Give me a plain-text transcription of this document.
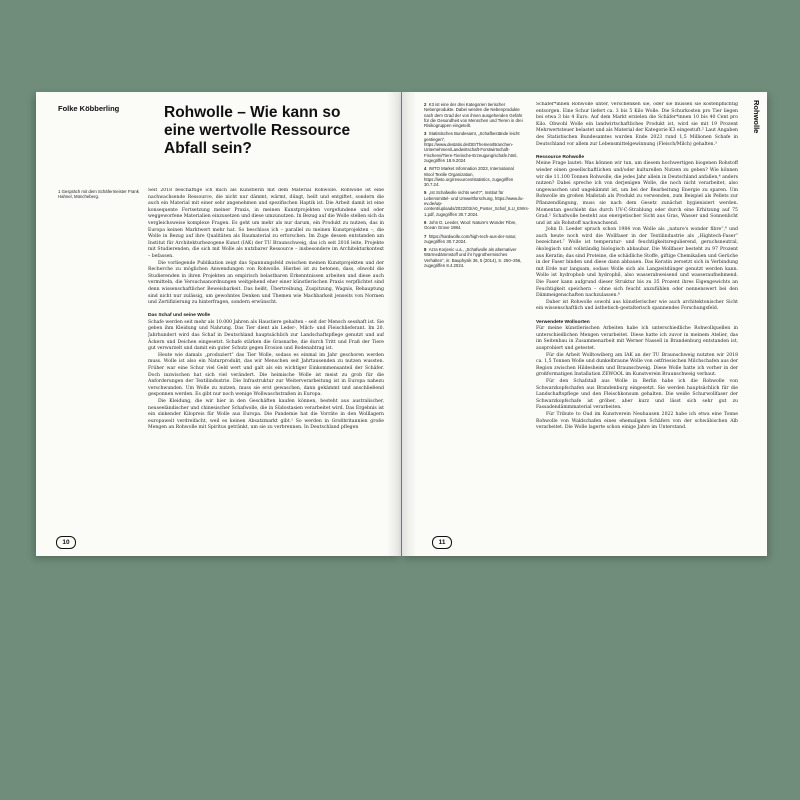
Folke Köbberling	Rohwolle – Wie kann so eine wertvolle Ressource Abfall sein?
1 Gespräch mit dem Schäfermeister Frank Hahnel, Müncheberg.

Seit 2018 beschäftige ich mich als Künstlerin mit dem Material Rohwolle. Rohwolle ist eine nachwachsende Ressource, die nicht nur dämmt, wärmt, düngt, heilt und entgiftet, sondern die auch ein Material mit einer sehr angenehmen und spezifischen Haptik ist. Die Arbeit damit ist eine konsequente Fortsetzung meiner Praxis, in meinen Kunstprojekten vorgefundene und oder weggeworfene Materialien einzusetzen und diese umzunutzen. In Bezug auf die Wolle stellen sich da vergleichsweise komplexe Fragen. Es geht um mehr als nur darum, ein Produkt zu nutzen, das in Europa keinen Marktwert mehr hat. So beschloss ich – parallel zu meinen Kunstprojekten –, die Wolle in Bezug auf ihre Qualitäten als Baumaterial zu erforschen. Im Zuge dessen entstanden am Institut für Architekturbezogene Kunst (IAK) der TU Braunschweig, das ich seit 2016 leite, Projekte mit Studierenden, die sich mit Wolle als nutzbarer Ressource – insbesondere im Architekturkontext – befassen.

Die vorliegende Publikation zeigt das Spannungsfeld zwischen meinen Kunstprojekten und der Recherche zu möglichen Anwendungen von Rohwolle. Hierbei ist zu betonen, dass, obwohl die Studierenden in ihren Projekten an empirisch belastbaren Erkenntnissen arbeiten und diese auch vermitteln, die Versuchsanordnungen weitgehend eher einer künstlerischen Praxis verpflichtet sind denn wissenschaftlicher Beweisbarkeit. Das heißt, Übertreibung, Zuspitzung, Wagnis, Behauptung sind nicht nur zulässig, um gewohntes Denken und Themen wie Machbarkeit jenseits von Normen und Zertifizierung zu hinterfragen, sondern erwünscht.

Das Schaf und seine Wolle

Schafe werden seit mehr als 10.000 Jahren als Haustiere gehalten – seit der Mensch sesshaft ist. Sie geben ihm Kleidung und Nahrung. Das Tier dient als Leder-, Milch- und Fleischlieferant. Im 20. Jahrhundert wird das Schaf in Deutschland hauptsächlich zur Landschaftspflege genutzt und auf Äckern und Deichen eingesetzt. Schafe stärken die Grasnarbe, die durch Tritt und Fraß der Tiere gut verwurzelt und damit ein guter Schutz gegen Erosion und Bodenabtrag ist.

Heute wie damals „produziert“ das Tier Wolle, sodass es einmal im Jahr geschoren werden muss. Wolle ist also ein Naturprodukt, das wir Menschen seit Jahrtausenden zu nutzen wussten. Früher war eine Schur viel Geld wert und galt als ein wichtiger Einkommensanteil der Schäfer. Doch inzwischen hat sich viel verändert. Die heimische Wolle ist meist zu grob für die Anforderungen der Textilindustrie. Die Infrastruktur zur Weiterverarbeitung ist in Europa nahezu verschwunden. Um Wolle zu nutzen, muss sie erst gewaschen, dann gekämmt und anschließend gesponnen werden. Es gibt nur noch wenige Wollwaschstraßen in Europa.

Die Kleidung, die wir hier in den Geschäften kaufen können, besteht aus australischer, neuseeländischer und chinesischer Schafwolle, die in Südostasien verarbeitet wird. Das Ergebnis ist ein sinkender Kilopreis für Wolle aus Europa. Die Pandemie hat die Vorräte in den Wolllagern europaweit verdreifacht, weil es keinen Absatzmarkt gibt.¹ So werden in Großbritannien große Mengen an Rohwolle mit Spiritus getränkt, um sie zu verbrennen. In Deutschland pflegen

10
Rohwolle
2 K3 ist eine der drei Kategorien tierischer Nebenprodukte. Dabei werden die Nebenprodukte nach dem Grad der von ihnen ausgehenden Gefahr für die Gesundheit von Menschen und Tieren in drei Risikogruppen eingeteilt.
3 Statistisches Bundesamt, „Schafbestände leicht gestiegen“, https://www.destatis.de/DE/Themen/Branchen-Unternehmen/Landwirtschaft-Forstwirtschaft-Fischerei/Tiere-Tierische-Erzeugung/schafe.html, zugegriffen 18.9.2024
4 IWTO Market Information 2023, International Wool Textile Organization, https://iwto.org/resources/statistics, zugegriffen 30.7.24.
5 „Ist Schafwolle nichts wert?“, Institut für Lebensmittel- und Umweltforschung, https://www.ilu-ev.de/wp-content/uploads/2022/03/A0_Poster_Schaf_ILU_EWrs-1.pdf, zugegriffen 30.7.2024.
6 John D. Leeder, Wool: Nature's Wonder Fibre, Ocean Grove 1984.
7 https://hardwolle.com/high-tech-aus-der-natur, zugegriffen 30.7.2024.
8 Azra Korjenic u.a., „Schafwolle als alternativer Wärmedämmstoff und ihr hygrothermisches Verhalten“, in: Bauphysik 36, 5 (2014), S. 250–256, zugegriffen 8.4.2024.

Schäfer*innen Rohwolle unter, verschenken sie, oder sie müssen sie kostenpflichtig entsorgen. Eine Schur liefert ca. 3 bis 5 Kilo Wolle. Die Schurkosten pro Tier liegen bei etwa 3 bis 4 Euro. Auf dem Markt erzielen die Schäfer*innen 10 bis 40 Cent pro Kilo. Obwohl Wolle ein landwirtschaftliches Produkt ist, wird sie mit 19 Prozent Mehrwertsteuer belastet und als Material der Kategorie K3 eingestuft.² Laut Angaben des Statistischen Bundesamtes wurden Ende 2023 rund 1,5 Millionen Schafe in Deutschland vor allem zur Lebensmittelgewinnung (Fleisch/Milch) gehalten.³

Ressource Rohwolle

Meine Frage lautet: Was können wir tun, um diesem hochwertigen biogenen Rohstoff wieder einen gesellschaftlichen und/oder kulturellen Nutzen zu geben? Wie können wir die 11.100 Tonnen Rohwolle, die jedes Jahr allein in Deutschland anfallen,⁴ anders nutzen? Dabei spreche ich von derjenigen Wolle, die noch nicht verarbeitet, also ungewaschen und ungekämmt ist, um bei der Bearbeitung Energie zu sparen. Um Rohwolle im großen Maßstab als Produkt zu verwenden, zum Beispiel als Pellets zur Pflanzendüngung, muss sie nach dem Gesetz zunächst hygienisiert werden. Momentan geschieht das durch UV-C-Strahlung oder durch eine Erhitzung auf 75 Grad.⁵ Schafwolle besteht aus energetischer Sicht aus Gras, Wasser und Sonnenlicht und ist als Rohstoff nachwachsend.

John D. Leeder sprach schon 1984 von Wolle als „nature's wonder fibre“,⁶ und auch heute noch wird die Wollfaser in der Textilindustrie als „Hightech-Faser“ bezeichnet.⁷ Wolle ist temperatur- und feuchtigkeitsregulierend, geruchsneutral, ökologisch und vollständig biologisch abbaubar. Die Wollfaser besteht zu 97 Prozent aus Keratin; das sind Proteine, die schädliche Stoffe, giftige Chemikalien und Gerüche in der Faser binden und diese dann abbauen. Das Keratin zersetzt sich in Verbindung mit Erde nur langsam, sodass Wolle sich als Langzeitdünger genutzt werden kann. Wolle ist hydrophob und hydrophil, also wasserabweisend und wasseraufnehmend. Die Faser kann aufgrund dieser Struktur bis zu 35 Prozent ihres Eigengewichts an Feuchtigkeit speichern – ohne sich feucht anzufühlen oder nennenswert bei den Dämmeigenschaften nachzulassen.⁸

Daher ist Rohwolle sowohl aus künstlerischer wie auch architektonischer Sicht ein wissenschaftlich und ästhetisch-gestalterisch spannendes Forschungsfeld.

Verwendete Wollsorten

Für meine künstlerischen Arbeiten habe ich unterschiedliche Rohwollquellen in unterschiedlichen Mengen verarbeitet. Diese hatte ich zuvor in meinem Atelier, das im Seitenbau in Zusammenarbeit mit Werner Nassell in Brandenburg entstanden ist, ausprobiert und getestet.

Für die Arbeit Wolltowiberg am IAK an der TU Braunschweig nutzten wir 2018 ca. 1,5 Tonnen Wolle und dunkelbraune Wolle von ostfriesischen Milchschafen aus der Region zwischen Hildesheim und Braunschweig. Diese Wolle hatte ich vorher in der großformatigen Installation ZEWOOL im Kunstverein Braunschweig verbaut.

Für den Schafstall aus Wolle in Berlin habe ich die Rohwolle von Schwarzkopfschafen aus Brandenburg eingesetzt. Sie werden hauptsächlich für die Landschaftspflege und den Fleischkonsum gehalten. Die weiße Schurwollfaser der Schwarzkopfschafe ist gröber, aber kurz und lässt sich sehr gut zu Fassadendämmmaterial verarbeiten.

Für Tribute to Oud im Kunstverein Neuhausen 2022 habe ich etwa eine Tonne Rohwolle von Waldschafen eines ehemaligen Schäfers von der schwäbischen Alb verarbeitet. Die Wolle lagerte schon einige Jahre im Unterstand.

11
